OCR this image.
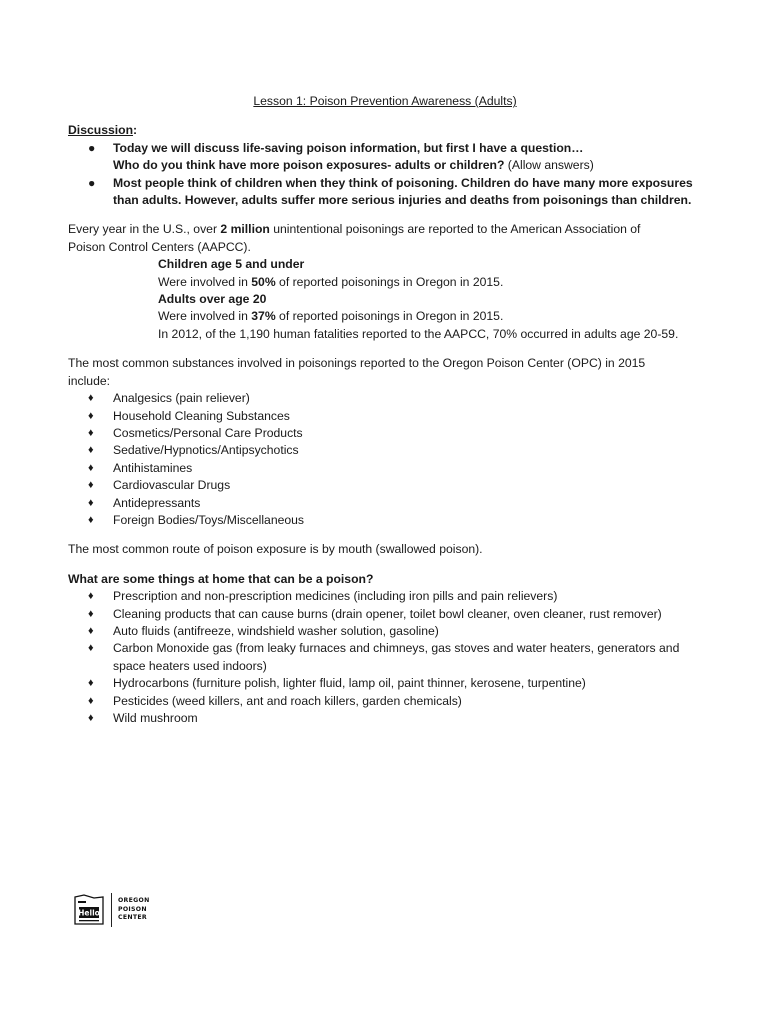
Lesson 1: Poison Prevention Awareness (Adults)
Discussion:
● Today we will discuss life-saving poison information, but first I have a question…
Who do you think have more poison exposures- adults or children? (Allow answers)
● Most people think of children when they think of poisoning. Children do have many more exposures
than adults. However, adults suffer more serious injuries and deaths from poisonings than children.

Every year in the U.S., over 2 million unintentional poisonings are reported to the American Association of

Poison Control Centers (AAPCC).

Children age 5 and under

Were involved in 50% of reported poisonings in Oregon in 2015.

Adults over age 20

Were involved in 37% of reported poisonings in Oregon in 2015.

In 2012, of the 1,190 human fatalities reported to the AAPCC, 70% occurred in adults age 20-59.

The most common substances involved in poisonings reported to the Oregon Poison Center (OPC) in 2015

include:

♦ Analgesics (pain reliever)
♦ Household Cleaning Substances
♦ Cosmetics/Personal Care Products
♦ Sedative/Hypnotics/Antipsychotics
♦ Antihistamines
♦ Cardiovascular Drugs
♦ Antidepressants
♦ Foreign Bodies/Toys/Miscellaneous

The most common route of poison exposure is by mouth (swallowed poison).

What are some things at home that can be a poison?

♦ Prescription and non-prescription medicines (including iron pills and pain relievers)
♦ Cleaning products that can cause burns (drain opener, toilet bowl cleaner, oven cleaner, rust remover)
♦ Auto fluids (antifreeze, windshield washer solution, gasoline)
♦ Carbon Monoxide gas (from leaky furnaces and chimneys, gas stoves and water heaters, generators and
space heaters used indoors)
♦ Hydrocarbons (furniture polish, lighter fluid, lamp oil, paint thinner, kerosene, turpentine)
♦ Pesticides (weed killers, ant and roach killers, garden chemicals)
♦ Wild mushroom
Hello
OREGON
POISON
CENTER
